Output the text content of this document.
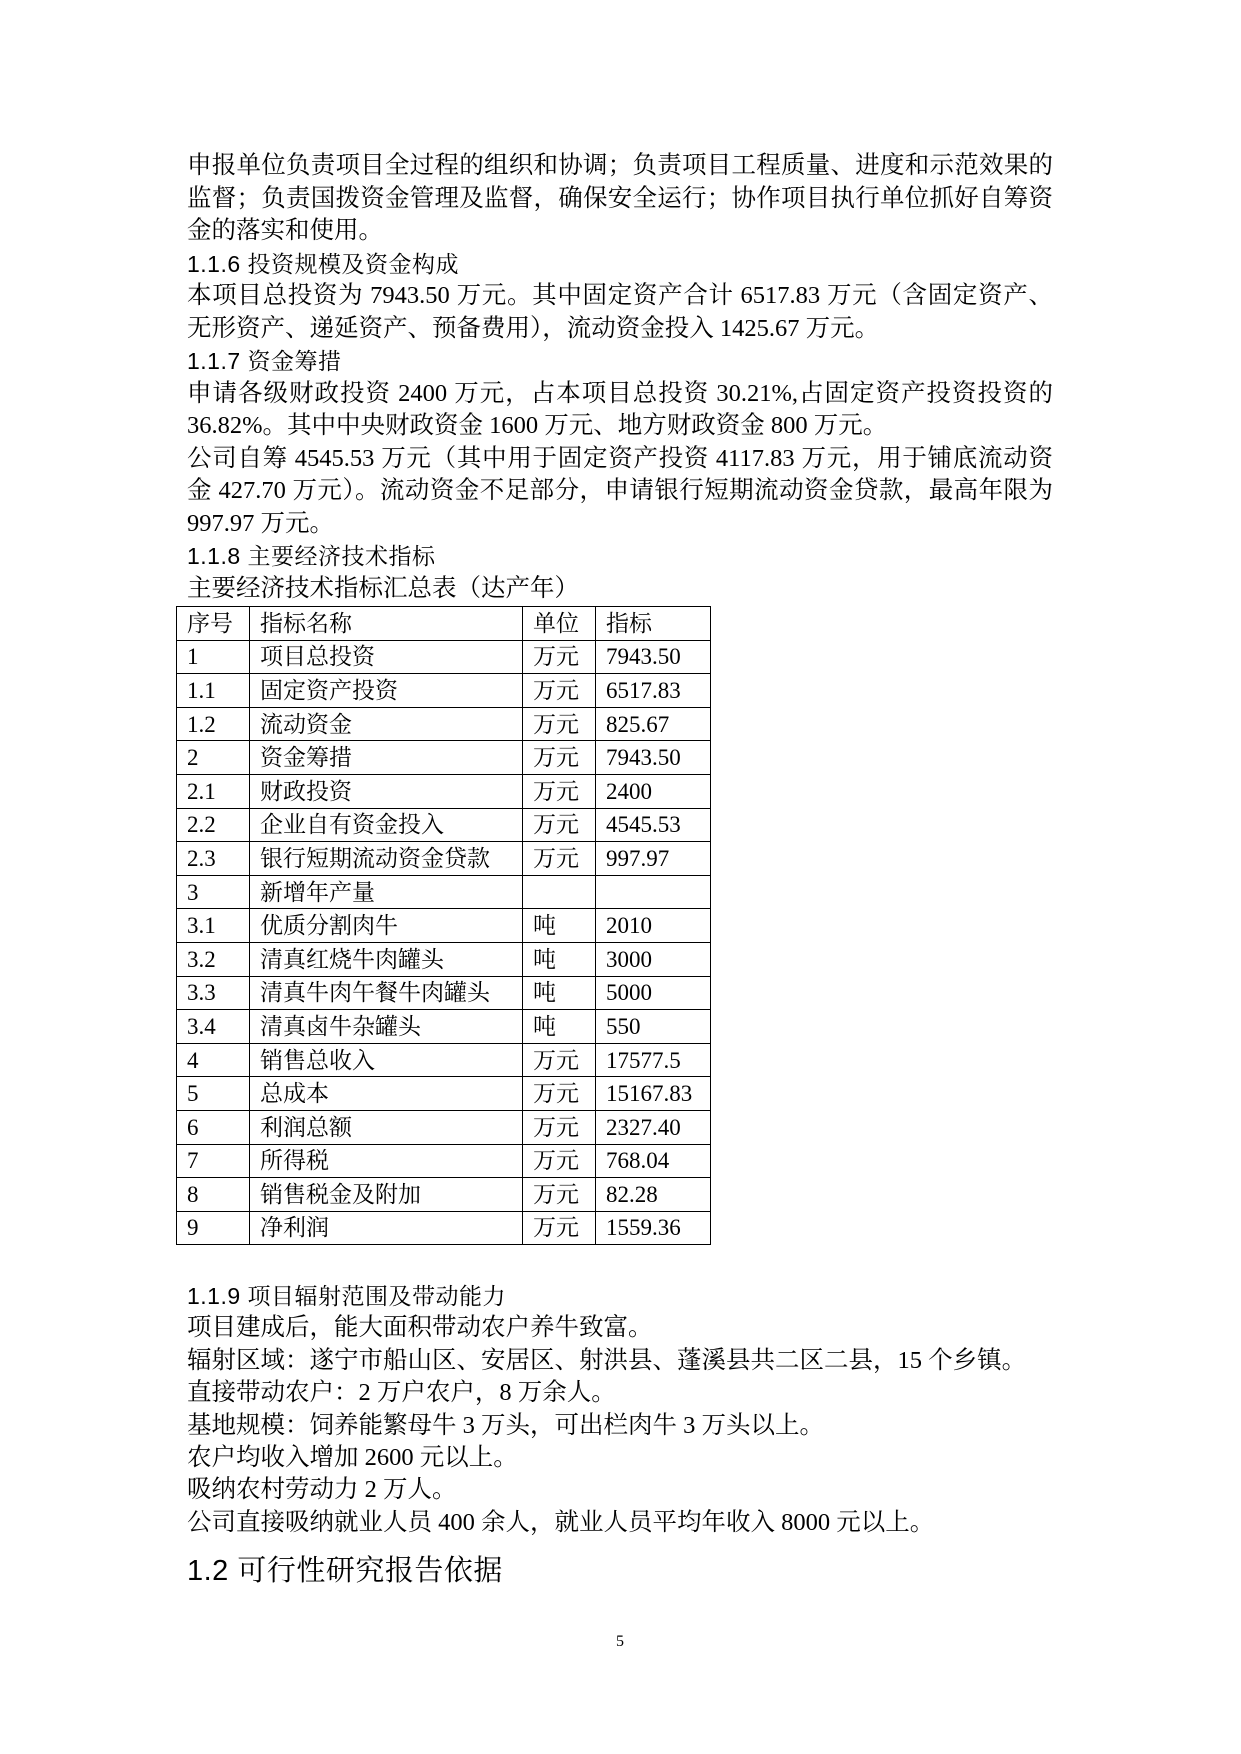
申报单位负责项目全过程的组织和协调；负责项目工程质量、进度和示范效果的
监督；负责国拨资金管理及监督，确保安全运行；协作项目执行单位抓好自筹资
金的落实和使用。
1.1.6 投资规模及资金构成
本项目总投资为 7943.50 万元。其中固定资产合计 6517.83 万元（含固定资产、
无形资产、递延资产、预备费用），流动资金投入 1425.67 万元。
1.1.7 资金筹措
申请各级财政投资 2400 万元，占本项目总投资 30.21%,占固定资产投资投资的
36.82%。其中中央财政资金 1600 万元、地方财政资金 800 万元。
公司自筹 4545.53 万元（其中用于固定资产投资 4117.83 万元，用于铺底流动资
金 427.70 万元）。流动资金不足部分，申请银行短期流动资金贷款，最高年限为
997.97 万元。
1.1.8 主要经济技术指标
主要经济技术指标汇总表（达产年）
序号	指标名称	单位	指标
1	项目总投资	万元	7943.50
1.1	固定资产投资	万元	6517.83
1.2	流动资金	万元	825.67
2	资金筹措	万元	7943.50
2.1	财政投资	万元	2400
2.2	企业自有资金投入	万元	4545.53
2.3	银行短期流动资金贷款	万元	997.97
3	新增年产量		
3.1	优质分割肉牛	吨	2010
3.2	清真红烧牛肉罐头	吨	3000
3.3	清真牛肉午餐牛肉罐头	吨	5000
3.4	清真卤牛杂罐头	吨	550
4	销售总收入	万元	17577.5
5	总成本	万元	15167.83
6	利润总额	万元	2327.40
7	所得税	万元	768.04
8	销售税金及附加	万元	82.28
9	净利润	万元	1559.36
1.1.9 项目辐射范围及带动能力
项目建成后，能大面积带动农户养牛致富。
辐射区域：遂宁市船山区、安居区、射洪县、蓬溪县共二区二县，15 个乡镇。
直接带动农户：2 万户农户，8 万余人。
基地规模：饲养能繁母牛 3 万头，可出栏肉牛 3 万头以上。
农户均收入增加 2600 元以上。
吸纳农村劳动力 2 万人。
公司直接吸纳就业人员 400 余人，就业人员平均年收入 8000 元以上。
1.2 可行性研究报告依据
5
